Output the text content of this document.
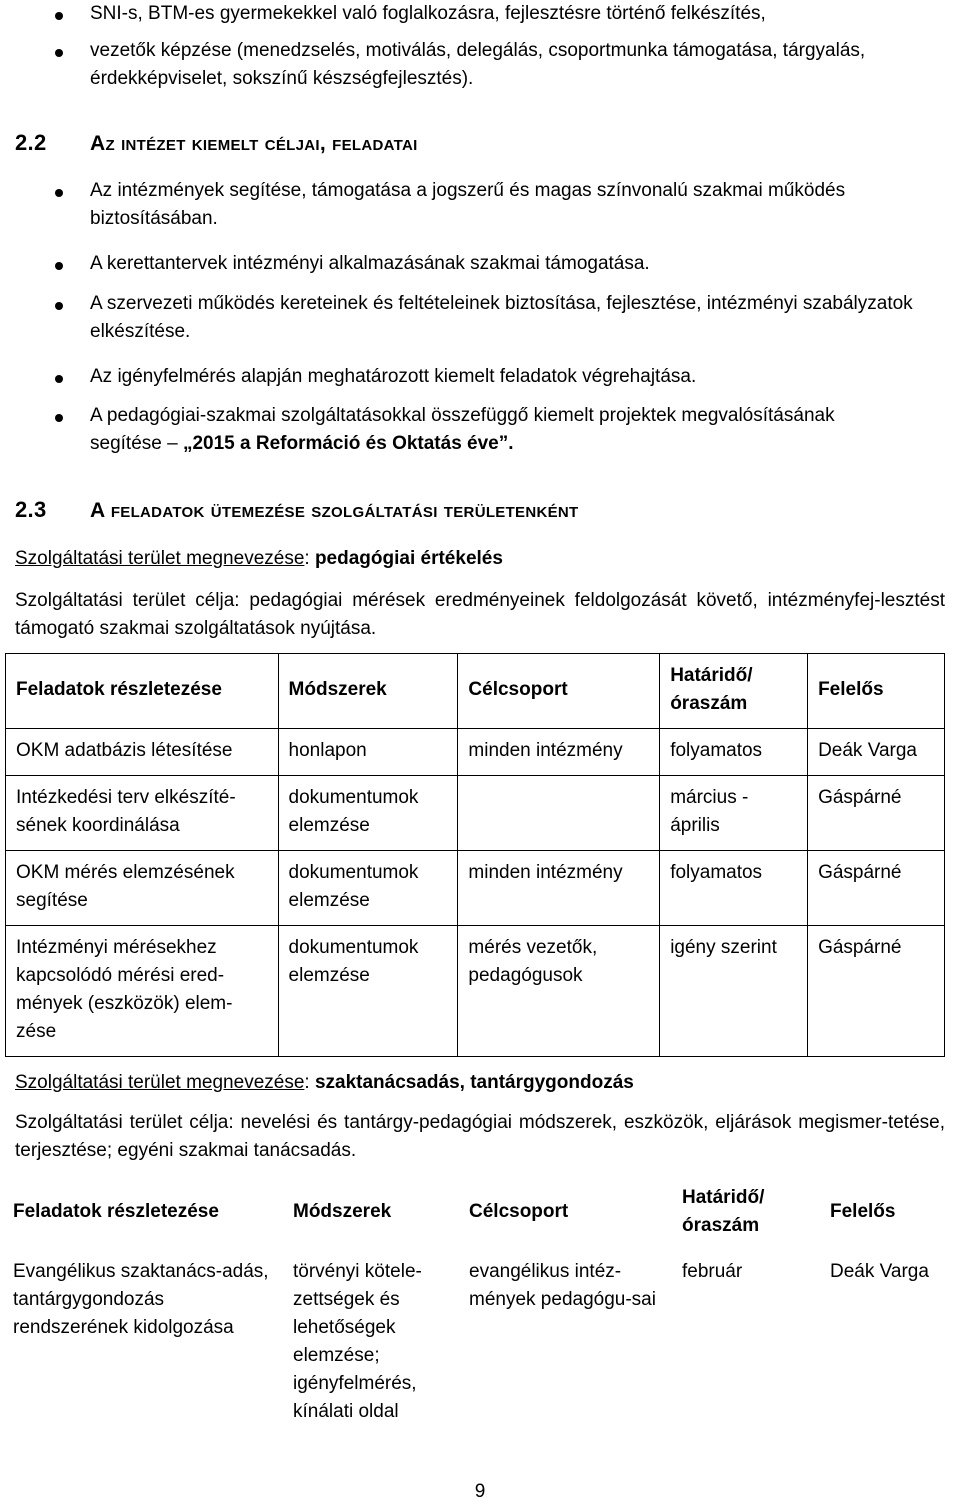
SNI-s, BTM-es gyermekekkel való foglalkozásra, fejlesztésre történő felkészítés,
vezetők képzése (menedzselés, motiválás, delegálás, csoportmunka támogatása, tárgyalás, érdekképviselet, sokszínű készségfejlesztés).
2.2 Az intézet kiemelt céljai, feladatai
Az intézmények segítése, támogatása a jogszerű és magas színvonalú szakmai működés biztosításában.
A kerettantervek intézményi alkalmazásának szakmai támogatása.
A szervezeti működés kereteinek és feltételeinek biztosítása, fejlesztése, intézményi szabályzatok elkészítése.
Az igényfelmérés alapján meghatározott kiemelt feladatok végrehajtása.
A pedagógiai-szakmai szolgáltatásokkal összefüggő kiemelt projektek megvalósításának segítése – „2015 a Reformáció és Oktatás éve”.
2.3 A feladatok ütemezése szolgáltatási területenként
Szolgáltatási terület megnevezése: pedagógiai értékelés
Szolgáltatási terület célja: pedagógiai mérések eredményeinek feldolgozását követő, intézményfej-lesztést támogató szakmai szolgáltatások nyújtása.
Feladatok részletezése	Módszerek	Célcsoport	Határidő/ óraszám	Felelős
OKM adatbázis létesítése	honlapon	minden intézmény	folyamatos	Deák Varga
Intézkedési terv elkészíté-sének koordinálása	dokumentumok elemzése		március - április	Gáspárné
OKM mérés elemzésének segítése	dokumentumok elemzése	minden intézmény	folyamatos	Gáspárné
Intézményi mérésekhez kapcsolódó mérési ered-mények (eszközök) elem-zése	dokumentumok elemzése	mérés vezetők, pedagógusok	igény szerint	Gáspárné
Szolgáltatási terület megnevezése: szaktanácsadás, tantárgygondozás
Szolgáltatási terület célja: nevelési és tantárgy-pedagógiai módszerek, eszközök, eljárások megismer-tetése, terjesztése; egyéni szakmai tanácsadás.
Feladatok részletezése	Módszerek	Célcsoport	Határidő/ óraszám	Felelős
Evangélikus szaktanács-adás, tantárgygondozás rendszerének kidolgozása	törvényi kötele-zettségek és lehetőségek elemzése; igényfelmérés, kínálati oldal	evangélikus intéz-mények pedagógu-sai	február	Deák Varga
9
